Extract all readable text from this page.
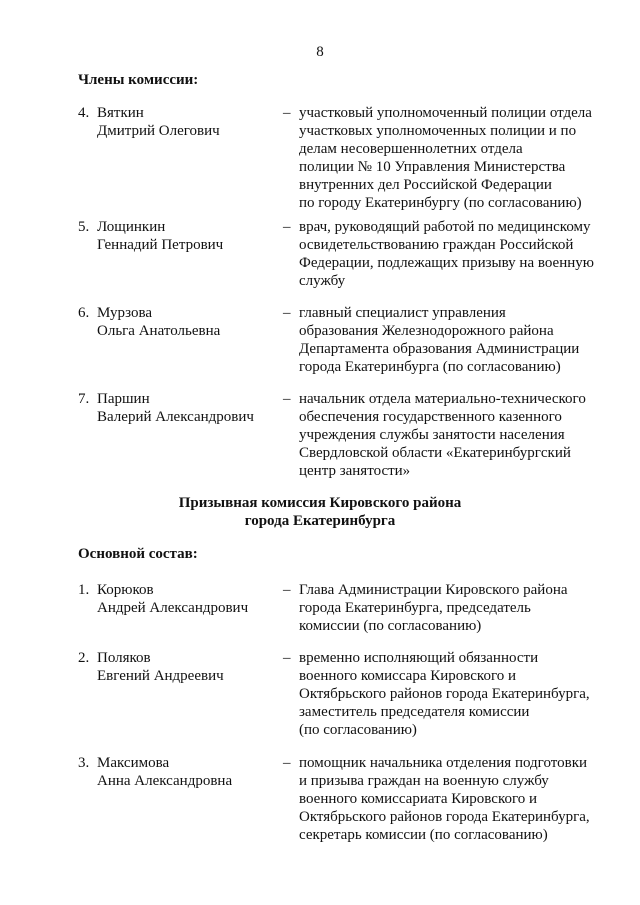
8
Члены комиссии:
4. Вяткин
Дмитрий Олегович
– участковый уполномоченный полиции отдела
участковых уполномоченных полиции и по
делам несовершеннолетних отдела
полиции № 10 Управления Министерства
внутренних дел Российской Федерации
по городу Екатеринбургу (по согласованию)
5. Лощинкин
Геннадий Петрович
– врач, руководящий работой по медицинскому
освидетельствованию граждан Российской
Федерации, подлежащих призыву на военную
службу
6. Мурзова
Ольга Анатольевна
– главный специалист управления
образования Железнодорожного района
Департамента образования Администрации
города Екатеринбурга (по согласованию)
7. Паршин
Валерий Александрович
– начальник отдела материально-технического
обеспечения государственного казенного
учреждения службы занятости населения
Свердловской области «Екатеринбургский
центр занятости»
Призывная комиссия Кировского района
города Екатеринбурга
Основной состав:
1. Корюков
Андрей Александрович
– Глава Администрации Кировского района
города Екатеринбурга, председатель
комиссии (по согласованию)
2. Поляков
Евгений Андреевич
– временно исполняющий обязанности
военного комиссара Кировского и
Октябрьского районов города Екатеринбурга,
заместитель председателя комиссии
(по согласованию)
3. Максимова
Анна Александровна
– помощник начальника отделения подготовки
и призыва граждан на военную службу
военного комиссариата Кировского и
Октябрьского районов города Екатеринбурга,
секретарь комиссии (по согласованию)
